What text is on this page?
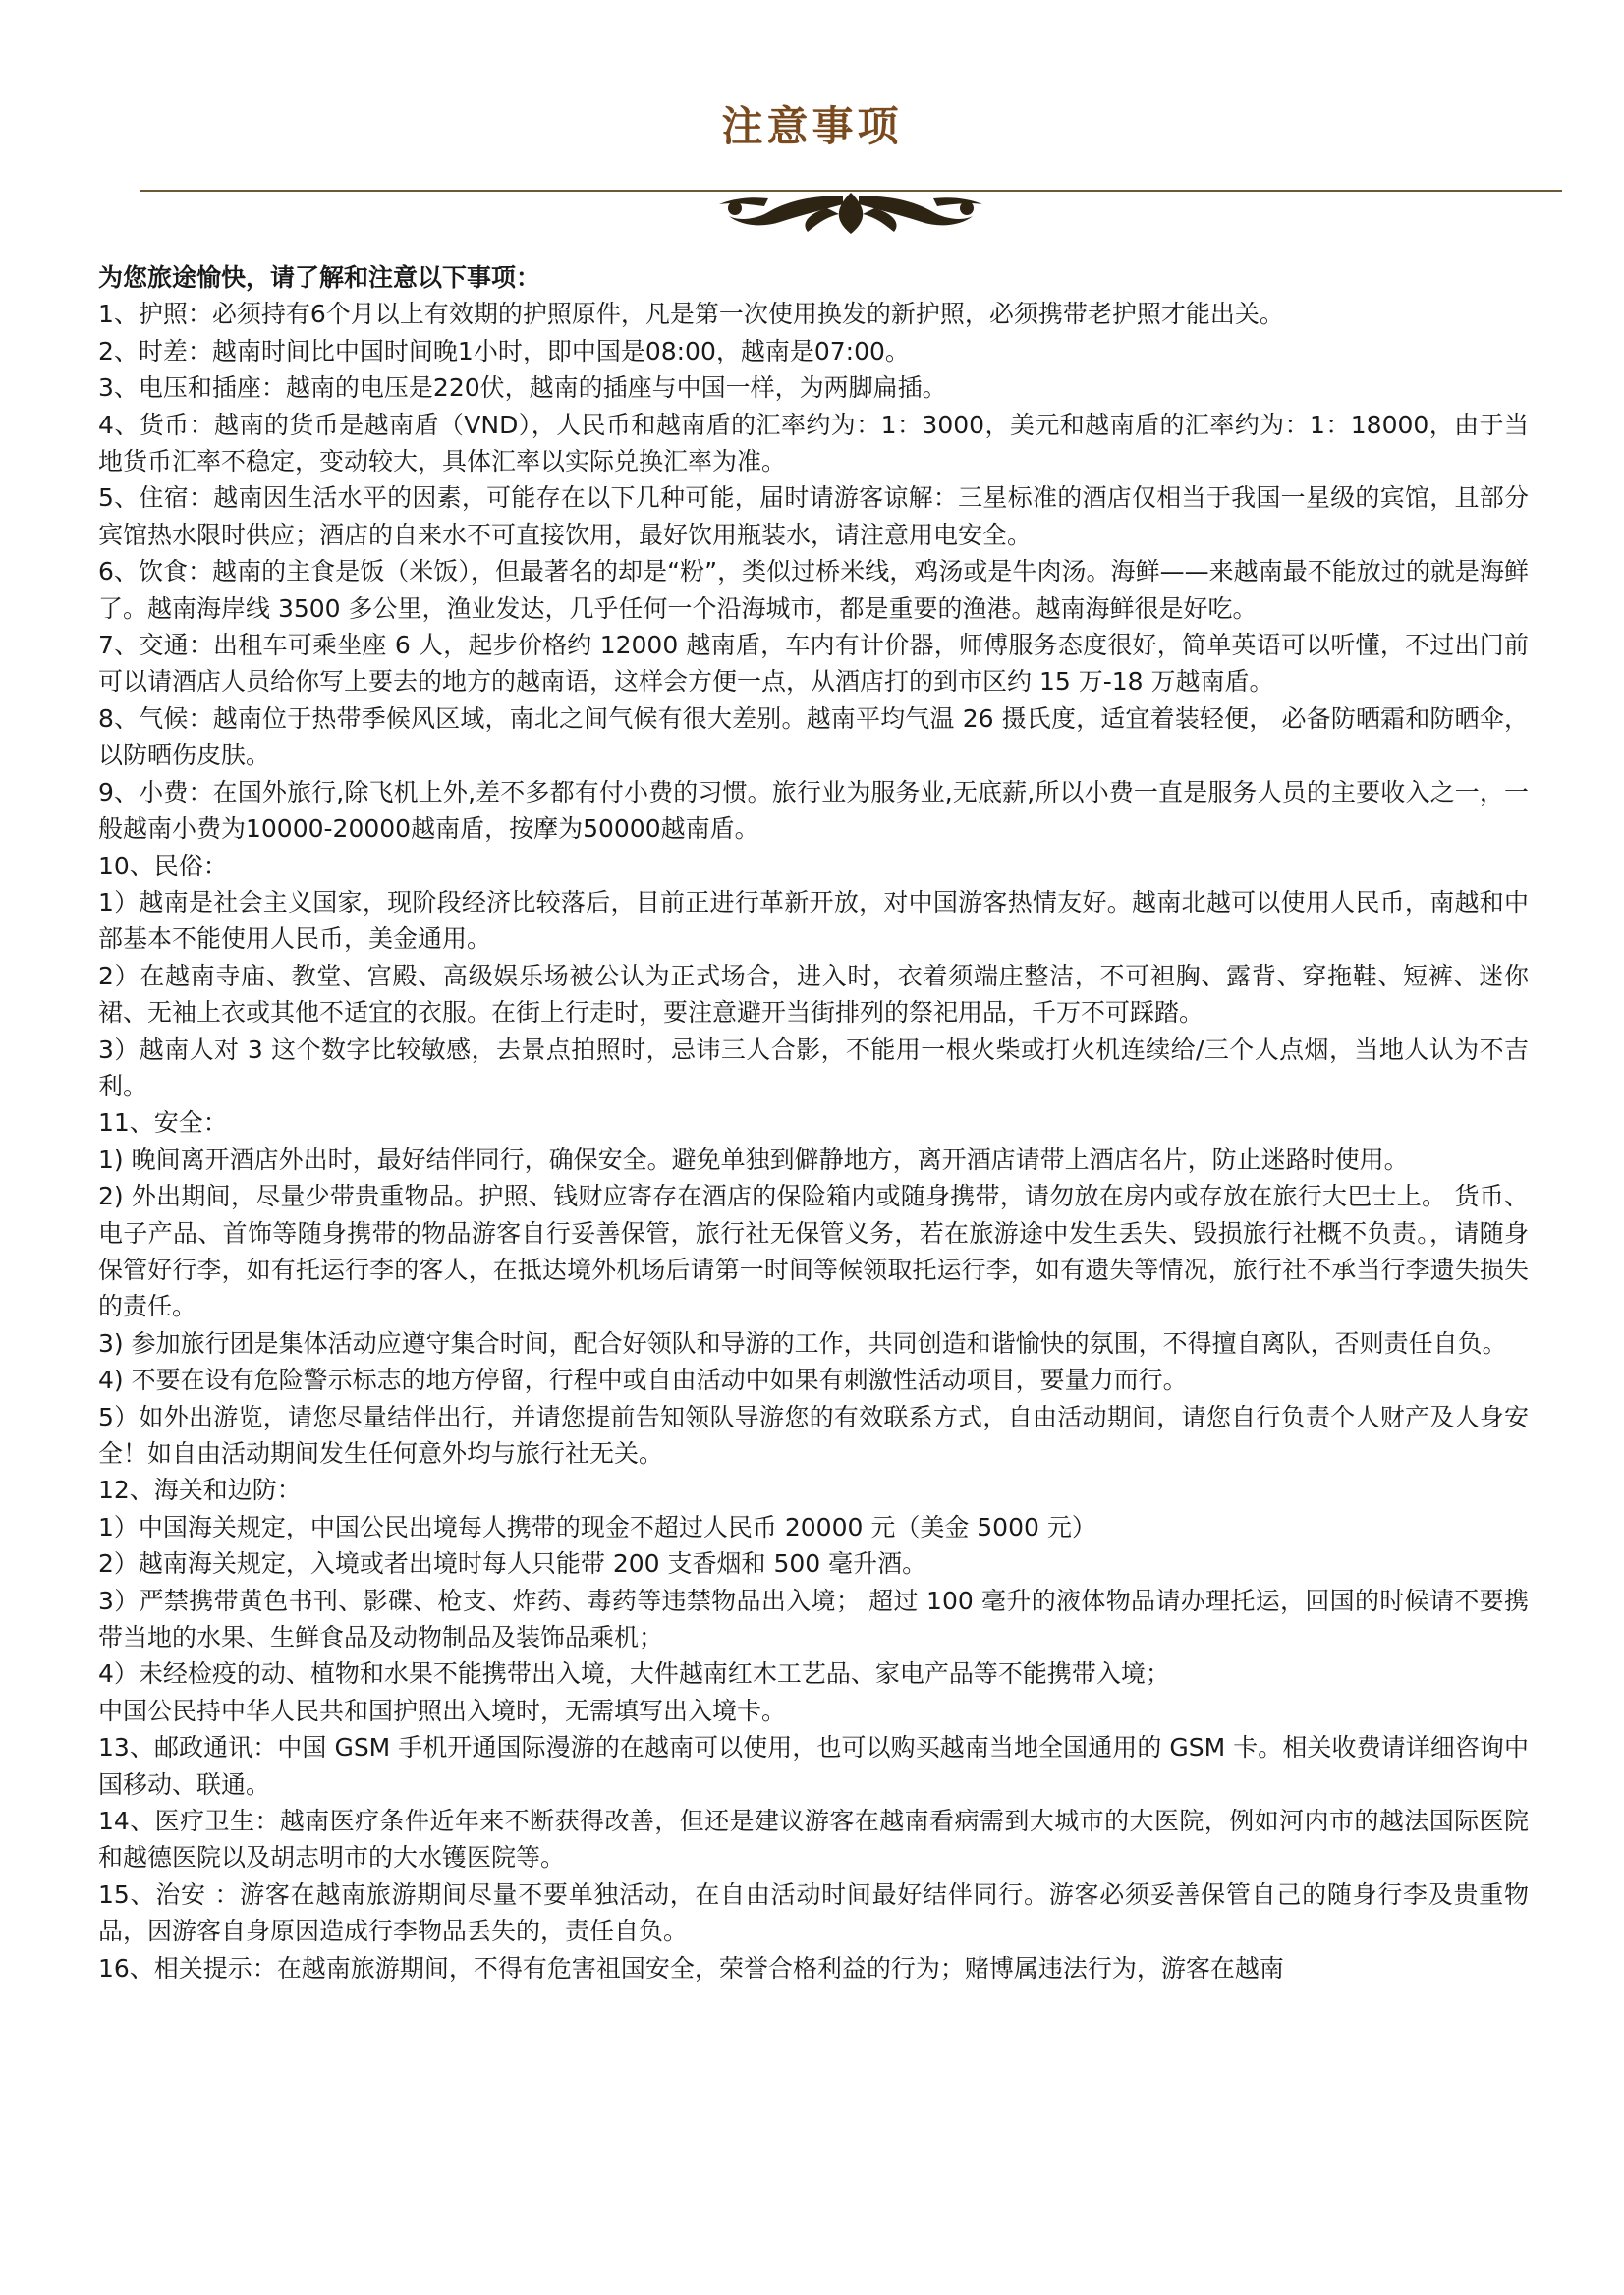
注意事项

为您旅途愉快，请了解和注意以下事项：

1、护照：必须持有6个月以上有效期的护照原件，凡是第一次使用换发的新护照，必须携带老护照才能出关。

2、时差：越南时间比中国时间晚1小时，即中国是08:00，越南是07:00。

3、电压和插座：越南的电压是220伏，越南的插座与中国一样，为两脚扁插。

4、货币：越南的货币是越南盾（VND），人民币和越南盾的汇率约为：1：3000，美元和越南盾的汇率约为：1：18000，由于当地货币汇率不稳定，变动较大，具体汇率以实际兑换汇率为准。

5、住宿：越南因生活水平的因素，可能存在以下几种可能，届时请游客谅解：三星标准的酒店仅相当于我国一星级的宾馆，且部分宾馆热水限时供应；酒店的自来水不可直接饮用，最好饮用瓶装水，请注意用电安全。

6、饮食：越南的主食是饭（米饭），但最著名的却是“粉”，类似过桥米线，鸡汤或是牛肉汤。海鲜——来越南最不能放过的就是海鲜了。越南海岸线 3500 多公里，渔业发达，几乎任何一个沿海城市，都是重要的渔港。越南海鲜很是好吃。

7、交通：出租车可乘坐座 6 人，起步价格约 12000 越南盾，车内有计价器，师傅服务态度很好，简单英语可以听懂，不过出门前可以请酒店人员给你写上要去的地方的越南语，这样会方便一点，从酒店打的到市区约 15 万-18 万越南盾。

8、气候：越南位于热带季候风区域，南北之间气候有很大差别。越南平均气温 26 摄氏度，适宜着装轻便， 必备防晒霜和防晒伞，以防晒伤皮肤。

9、小费：在国外旅行,除飞机上外,差不多都有付小费的习惯。旅行业为服务业,无底薪,所以小费一直是服务人员的主要收入之一，一般越南小费为10000-20000越南盾，按摩为50000越南盾。

10、民俗：

1）越南是社会主义国家，现阶段经济比较落后，目前正进行革新开放，对中国游客热情友好。越南北越可以使用人民币，南越和中部基本不能使用人民币，美金通用。

2）在越南寺庙、教堂、宫殿、高级娱乐场被公认为正式场合，进入时，衣着须端庄整洁，不可袒胸、露背、穿拖鞋、短裤、迷你裙、无袖上衣或其他不适宜的衣服。在街上行走时，要注意避开当街排列的祭祀用品，千万不可踩踏。

3）越南人对 3 这个数字比较敏感，去景点拍照时，忌讳三人合影，不能用一根火柴或打火机连续给/三个人点烟，当地人认为不吉利。

11、安全：

1) 晚间离开酒店外出时，最好结伴同行，确保安全。避免单独到僻静地方，离开酒店请带上酒店名片，防止迷路时使用。

2) 外出期间，尽量少带贵重物品。护照、钱财应寄存在酒店的保险箱内或随身携带，请勿放在房内或存放在旅行大巴士上。 货币、电子产品、首饰等随身携带的物品游客自行妥善保管，旅行社无保管义务，若在旅游途中发生丢失、毁损旅行社概不负责。，请随身保管好行李，如有托运行李的客人，在抵达境外机场后请第一时间等候领取托运行李，如有遗失等情况，旅行社不承当行李遗失损失的责任。

3) 参加旅行团是集体活动应遵守集合时间，配合好领队和导游的工作，共同创造和谐愉快的氛围，不得擅自离队，否则责任自负。

4) 不要在设有危险警示标志的地方停留，行程中或自由活动中如果有刺激性活动项目，要量力而行。

5）如外出游览，请您尽量结伴出行，并请您提前告知领队导游您的有效联系方式，自由活动期间，请您自行负责个人财产及人身安全！如自由活动期间发生任何意外均与旅行社无关。

12、海关和边防：

1）中国海关规定，中国公民出境每人携带的现金不超过人民币 20000 元（美金 5000 元）

2）越南海关规定，入境或者出境时每人只能带 200 支香烟和 500 毫升酒。

3）严禁携带黄色书刊、影碟、枪支、炸药、毒药等违禁物品出入境； 超过 100 毫升的液体物品请办理托运，回国的时候请不要携带当地的水果、生鲜食品及动物制品及装饰品乘机；

4）未经检疫的动、植物和水果不能携带出入境，大件越南红木工艺品、家电产品等不能携带入境；

中国公民持中华人民共和国护照出入境时，无需填写出入境卡。

13、邮政通讯：中国 GSM 手机开通国际漫游的在越南可以使用，也可以购买越南当地全国通用的 GSM 卡。相关收费请详细咨询中国移动、联通。

14、医疗卫生：越南医疗条件近年来不断获得改善，但还是建议游客在越南看病需到大城市的大医院，例如河内市的越法国际医院和越德医院以及胡志明市的大水镬医院等。

15、治安 ：游客在越南旅游期间尽量不要单独活动，在自由活动时间最好结伴同行。游客必须妥善保管自己的随身行李及贵重物品，因游客自身原因造成行李物品丢失的，责任自负。

16、相关提示：在越南旅游期间，不得有危害祖国安全，荣誉合格利益的行为；赌博属违法行为，游客在越南
